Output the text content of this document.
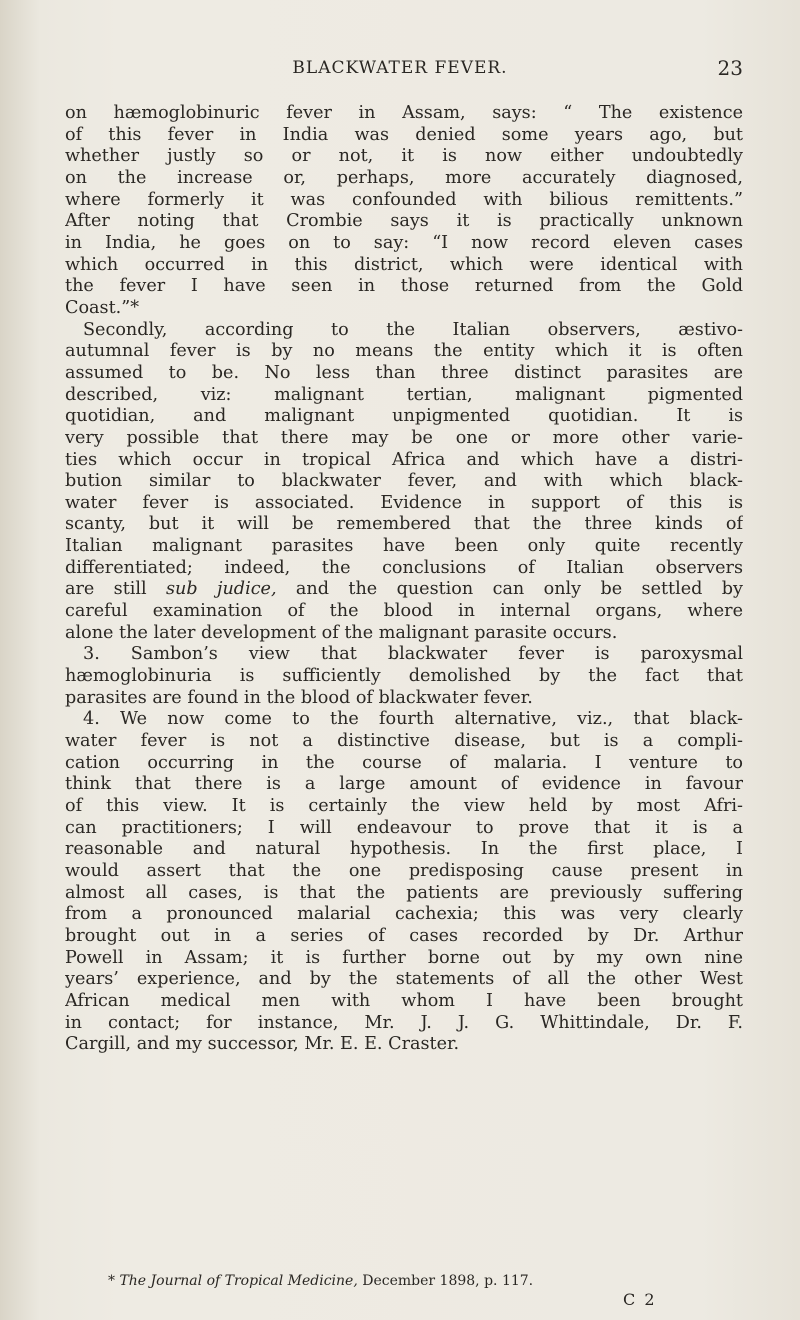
BLACKWATER FEVER.	23
on hæmoglobinuric fever in Assam, says: “ The existence
of this fever in India was denied some years ago, but
whether justly so or not, it is now either undoubtedly
on the increase or, perhaps, more accurately diagnosed,
where formerly it was confounded with bilious remittents.”
After noting that Crombie says it is practically unknown
in India, he goes on to say: “I now record eleven cases
which occurred in this district, which were identical with
the fever I have seen in those returned from the Gold
Coast.”*
Secondly, according to the Italian observers, æstivo-
autumnal fever is by no means the entity which it is often
assumed to be. No less than three distinct parasites are
described, viz: malignant tertian, malignant pigmented
quotidian, and malignant unpigmented quotidian. It is
very possible that there may be one or more other varie-
ties which occur in tropical Africa and which have a distri-
bution similar to blackwater fever, and with which black-
water fever is associated. Evidence in support of this is
scanty, but it will be remembered that the three kinds of
Italian malignant parasites have been only quite recently
differentiated; indeed, the conclusions of Italian observers
are still sub judice, and the question can only be settled by
careful examination of the blood in internal organs, where
alone the later development of the malignant parasite occurs.
3. Sambon’s view that blackwater fever is paroxysmal
hæmoglobinuria is sufficiently demolished by the fact that
parasites are found in the blood of blackwater fever.
4. We now come to the fourth alternative, viz., that black-
water fever is not a distinctive disease, but is a compli-
cation occurring in the course of malaria. I venture to
think that there is a large amount of evidence in favour
of this view. It is certainly the view held by most Afri-
can practitioners; I will endeavour to prove that it is a
reasonable and natural hypothesis. In the first place, I
would assert that the one predisposing cause present in
almost all cases, is that the patients are previously suffering
from a pronounced malarial cachexia; this was very clearly
brought out in a series of cases recorded by Dr. Arthur
Powell in Assam; it is further borne out by my own nine
years’ experience, and by the statements of all the other West
African medical men with whom I have been brought
in contact; for instance, Mr. J. J. G. Whittindale, Dr. F.
Cargill, and my successor, Mr. E. E. Craster.
* The Journal of Tropical Medicine, December 1898, p. 117.
C 2
